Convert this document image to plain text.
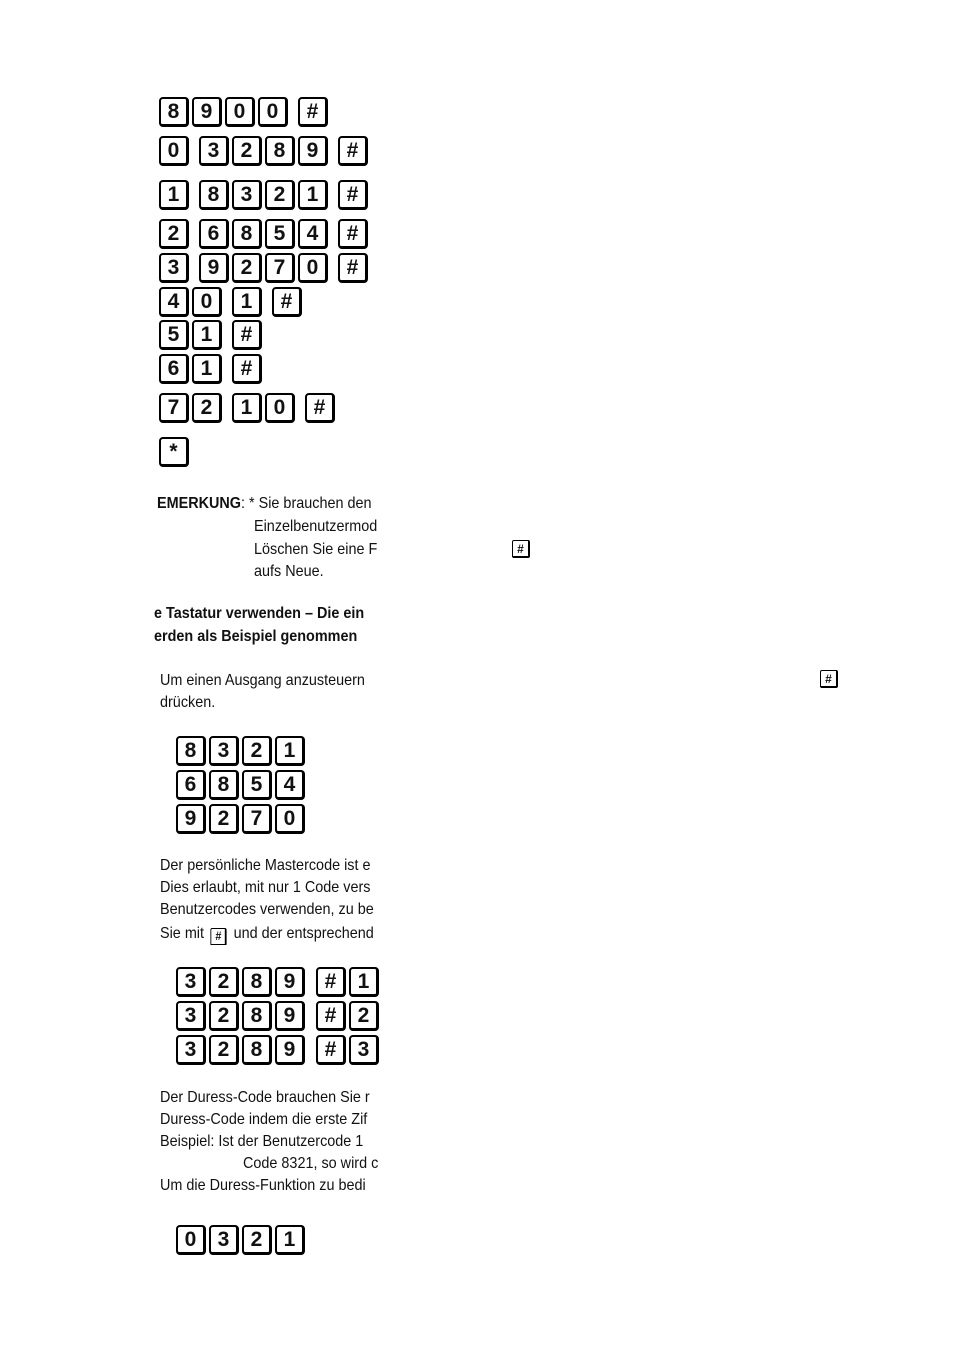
8	9	0	0	#
0	3	2	8	9	#
1	8	3	2	1	#
2	6	8	5	4	#
3	9	2	7	0	#
4	0	1	#
5	1	#
6	1	#
7	2	1	0	#
*
EMERKUNG: * Sie brauchen den
Einzelbenutzermod
Löschen Sie eine F	#
aufs Neue.
e Tastatur verwenden – Die ein
erden als Beispiel genommen
Um einen Ausgang anzusteuern	#
drücken.
8	3	2	1
6	8	5	4
9	2	7	0
Der persönliche Mastercode ist e
Dies erlaubt, mit nur 1 Code vers
Benutzercodes verwenden, zu be
Sie mit # und der entsprechend
3	2	8	9	#	1
3	2	8	9	#	2
3	2	8	9	#	3
Der Duress-Code brauchen Sie r
Duress-Code indem die erste Zif
Beispiel: Ist der Benutzercode 1
Code 8321, so wird c
Um die Duress-Funktion zu bedi
0	3	2	1
